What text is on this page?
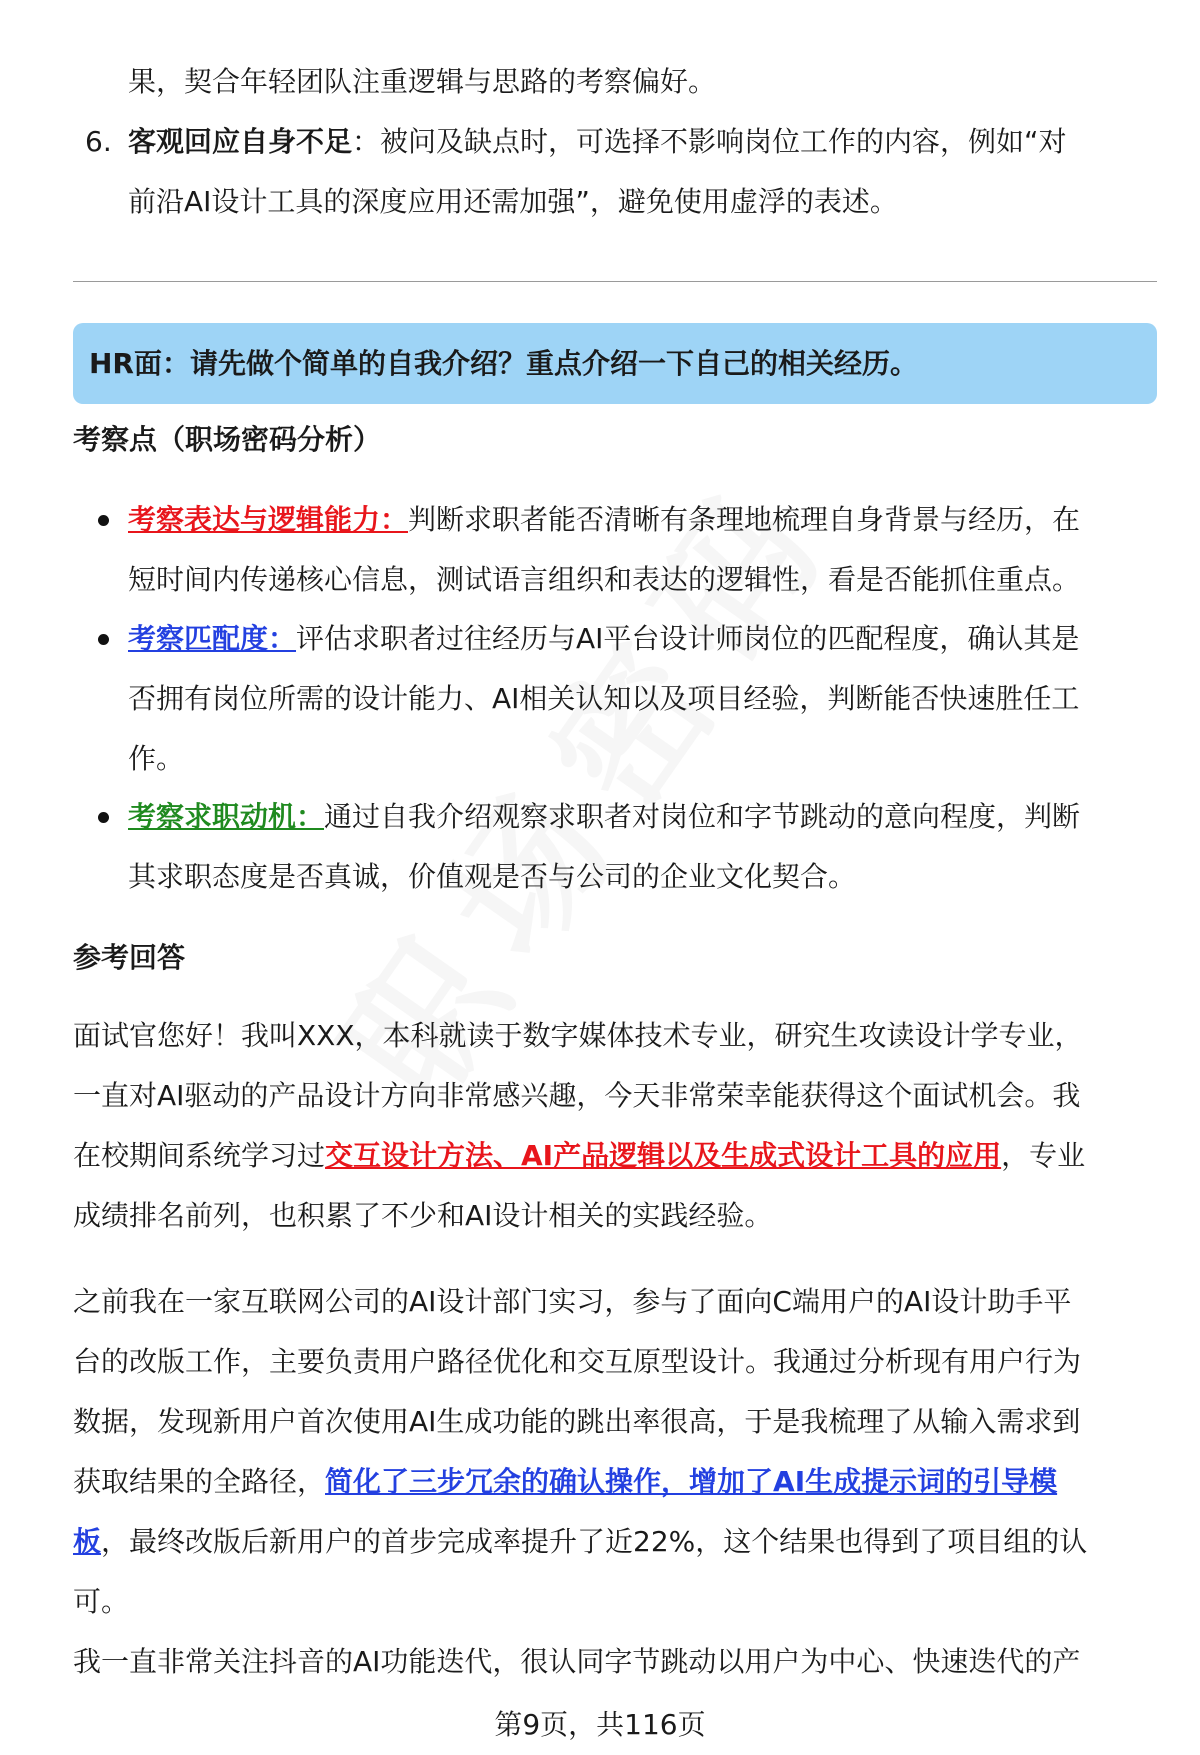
果，契合年轻团队注重逻辑与思路的考察偏好。
6. 客观回应自身不足：被问及缺点时，可选择不影响岗位工作的内容，例如“对
前沿AI设计工具的深度应用还需加强”，避免使用虚浮的表述。
HR面：请先做个简单的自我介绍？重点介绍一下自己的相关经历。
考察点（职场密码分析）
考察表达与逻辑能力：判断求职者能否清晰有条理地梳理自身背景与经历，在
短时间内传递核心信息，测试语言组织和表达的逻辑性，看是否能抓住重点。
考察匹配度：评估求职者过往经历与AI平台设计师岗位的匹配程度，确认其是
否拥有岗位所需的设计能力、AI相关认知以及项目经验，判断能否快速胜任工
作。
考察求职动机：通过自我介绍观察求职者对岗位和字节跳动的意向程度，判断
其求职态度是否真诚，价值观是否与公司的企业文化契合。
参考回答
面试官您好！我叫XXX，本科就读于数字媒体技术专业，研究生攻读设计学专业，
一直对AI驱动的产品设计方向非常感兴趣，今天非常荣幸能获得这个面试机会。我
在校期间系统学习过交互设计方法、AI产品逻辑以及生成式设计工具的应用，专业
成绩排名前列，也积累了不少和AI设计相关的实践经验。
之前我在一家互联网公司的AI设计部门实习，参与了面向C端用户的AI设计助手平
台的改版工作，主要负责用户路径优化和交互原型设计。我通过分析现有用户行为
数据，发现新用户首次使用AI生成功能的跳出率很高，于是我梳理了从输入需求到
获取结果的全路径，简化了三步冗余的确认操作，增加了AI生成提示词的引导模
板，最终改版后新用户的首步完成率提升了近22%，这个结果也得到了项目组的认
可。
我一直非常关注抖音的AI功能迭代，很认同字节跳动以用户为中心、快速迭代的产
第9页，共116页
